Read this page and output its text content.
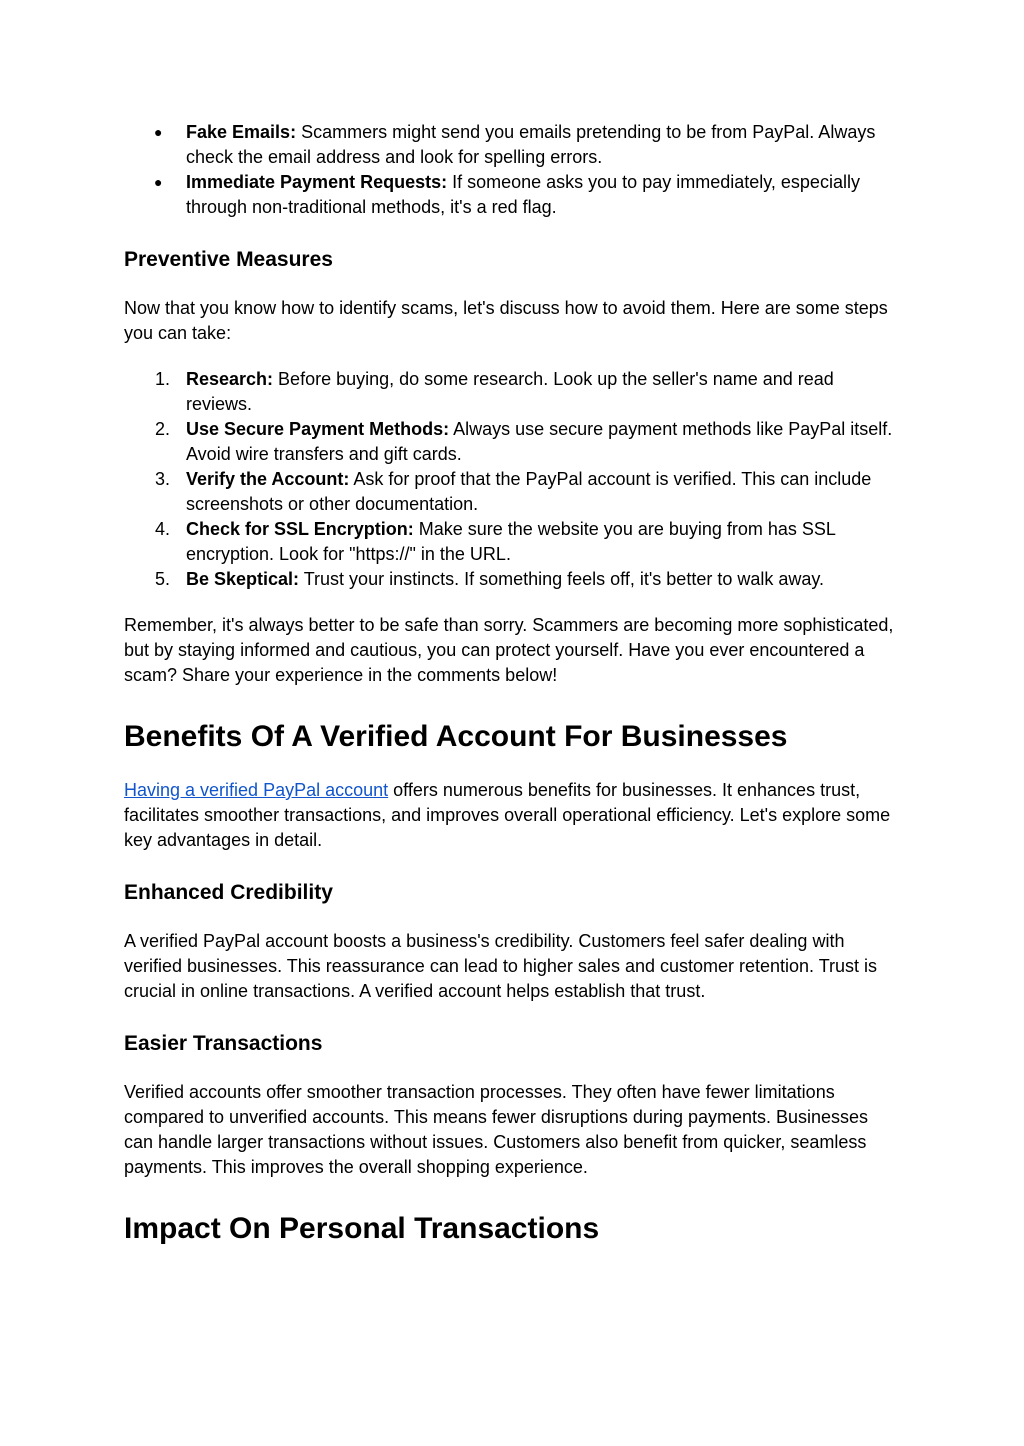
● Fake Emails: Scammers might send you emails pretending to be from PayPal. Always check the email address and look for spelling errors.
● Immediate Payment Requests: If someone asks you to pay immediately, especially through non-traditional methods, it's a red flag.
Preventive Measures

Now that you know how to identify scams, let's discuss how to avoid them. Here are some steps you can take:

1. Research: Before buying, do some research. Look up the seller's name and read reviews.
2. Use Secure Payment Methods: Always use secure payment methods like PayPal itself. Avoid wire transfers and gift cards.
3. Verify the Account: Ask for proof that the PayPal account is verified. This can include screenshots or other documentation.
4. Check for SSL Encryption: Make sure the website you are buying from has SSL encryption. Look for "https://" in the URL.
5. Be Skeptical: Trust your instincts. If something feels off, it's better to walk away.

Remember, it's always better to be safe than sorry. Scammers are becoming more sophisticated, but by staying informed and cautious, you can protect yourself. Have you ever encountered a scam? Share your experience in the comments below!

Benefits Of A Verified Account For Businesses

Having a verified PayPal account offers numerous benefits for businesses. It enhances trust, facilitates smoother transactions, and improves overall operational efficiency. Let's explore some key advantages in detail.

Enhanced Credibility

A verified PayPal account boosts a business's credibility. Customers feel safer dealing with verified businesses. This reassurance can lead to higher sales and customer retention. Trust is crucial in online transactions. A verified account helps establish that trust.

Easier Transactions

Verified accounts offer smoother transaction processes. They often have fewer limitations compared to unverified accounts. This means fewer disruptions during payments. Businesses can handle larger transactions without issues. Customers also benefit from quicker, seamless payments. This improves the overall shopping experience.

Impact On Personal Transactions
